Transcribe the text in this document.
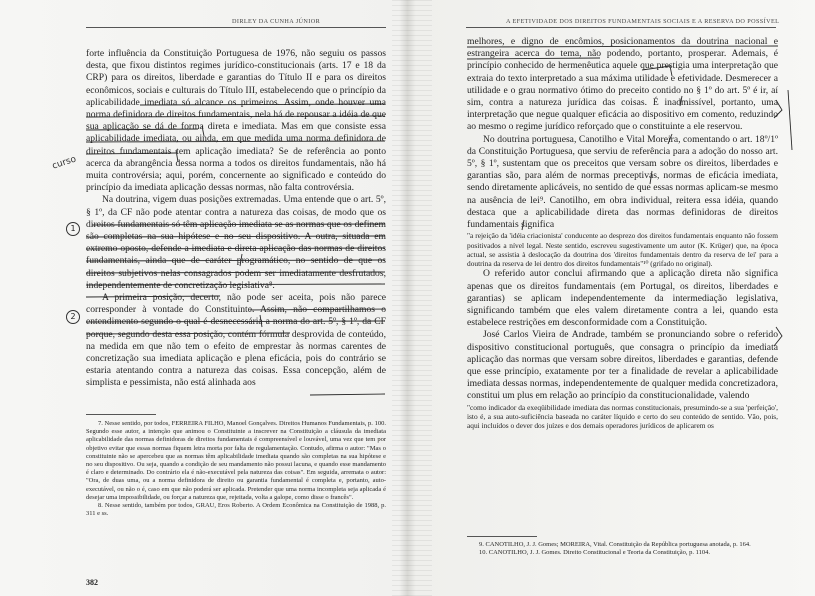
DIRLEY DA CUNHA JÚNIOR

forte influência da Constituição Portuguesa de 1976, não seguiu os passos desta, que fixou distintos regimes jurídico-constitucionais (arts. 17 e 18 da CRP) para os direitos, liberdade e garantias do Título II e para os direitos econômicos, sociais e culturais do Título III, estabelecendo que o princípio da aplicabilidade imediata só alcance os primeiros. Assim, onde houver uma norma definidora de direitos fundamentais, nela há de repousar a idéia de que sua aplicação se dá de forma direta e imediata. Mas em que consiste essa aplicabilidade imediata, ou ainda, em que medida uma norma definidora de direitos fundamentais tem aplicação imediata? Se de referência ao ponto acerca da abrangência dessa norma a todos os direitos fundamentais, não há muita controvérsia; aqui, porém, concernente ao significado e conteúdo do princípio da imediata aplicação dessas normas, não falta controvérsia.

Na doutrina, vigem duas posições extremadas. Uma entende que o art. 5º, § 1º, da CF não pode atentar contra a natureza das coisas, de modo que os direitos fundamentais só têm aplicação imediata se as normas que os definem são completas na sua hipótese e no seu dispositivo. A outra, situada em extremo oposto, defende a imediata e direta aplicação das normas de direitos fundamentais, ainda que de caráter programático, no sentido de que os direitos subjetivos nelas consagrados podem ser imediatamente desfrutados, independentemente de concretização legislativa⁸.

A primeira posição, decerto, não pode ser aceita, pois não parece corresponder à vontade do Constituinte. Assim, não compartilhamos o entendimento segundo o qual é desnecessária a norma do art. 5º, § 1º, da CF porque, segundo desta essa posição, contém fórmula desprovida de conteúdo, na medida em que não tem o efeito de emprestar às normas carentes de concretização sua imediata aplicação e plena eficácia, pois do contrário se estaria atentando contra a natureza das coisas. Essa concepção, além de simplista e pessimista, não está alinhada aos

7. Nesse sentido, por todos, FERREIRA FILHO, Manoel Gonçalves. Direitos Humanos Fundamentais, p. 100. Segundo esse autor, a intenção que animou o Constituinte a inscrever na Constituição a cláusula da imediata aplicabilidade das normas definidoras de direitos fundamentais é compreensível e louvável, uma vez que tem por objetivo evitar que essas normas fiquem letra morta por falta de regulamentação. Contudo, afirma o autor: "Mas o constituinte não se apercebeu que as normas têm aplicabilidade imediata quando são completas na sua hipótese e no seu dispositivo. Ou seja, quando a condição de seu mandamento não possui lacuna, e quando esse mandamento é claro e determinado. Do contrário ela é não-executável pela natureza das coisas". Em seguida, arremata o autor: "Ora, de duas uma, ou a norma definidora de direito ou garantia fundamental é completa e, portanto, auto-executável, ou não o é, caso em que não poderá ser aplicada. Pretender que uma norma incompleta seja aplicada é desejar uma impossibilidade, ou forçar a natureza que, rejeitada, volta a galope, como disse o francês".

8. Nesse sentido, também por todos, GRAU, Eros Roberto. A Ordem Econômica na Constituição de 1988, p. 311 e ss.

382
curso
1
2
A EFETIVIDADE DOS DIREITOS FUNDAMENTAIS SOCIAIS E A RESERVA DO POSSÍVEL

melhores, e digno de encômios, posicionamentos da doutrina nacional e estrangeira acerca do tema, não podendo, portanto, prosperar. Ademais, é princípio conhecido de hermenêutica aquele que prestigia uma interpretação que extraia do texto interpretado a sua máxima utilidade e efetividade. Desmerecer a utilidade e o grau normativo ótimo do preceito contido no § 1º do art. 5º é ir, aí sim, contra a natureza jurídica das coisas. É inadmissível, portanto, uma interpretação que negue qualquer eficácia ao dispositivo em comento, reduzindo ao mesmo o regime jurídico reforçado que o constituinte a ele reservou.

No doutrina portuguesa, Canotilho e Vital Moreira, comentando o art. 18º/1º da Constituição Portuguesa, que serviu de referência para a adoção do nosso art. 5º, § 1º, sustentam que os preceitos que versam sobre os direitos, liberdades e garantias são, para além de normas preceptivas, normas de eficácia imediata, sendo diretamente aplicáveis, no sentido de que essas normas aplicam-se mesmo na ausência de lei⁹. Canotilho, em obra individual, reitera essa idéia, quando destaca que a aplicabilidade direta das normas definidoras de direitos fundamentais significa

"a rejeição da 'idéia criacionista' conducente ao desprezo dos direitos fundamentais enquanto não fossem positivados a nível legal. Neste sentido, escreveu sugestivamente um autor (K. Krüger) que, na época actual, se assistia à deslocação da doutrina dos 'direitos fundamentais dentro da reserva de lei' para a doutrina da reserva de lei dentro dos direitos fundamentais"¹⁰ (grifado no original).

O referido autor conclui afirmando que a aplicação direta não significa apenas que os direitos fundamentais (em Portugal, os direitos, liberdades e garantias) se aplicam independentemente da intermediação legislativa, significando também que eles valem diretamente contra a lei, quando esta estabelece restrições em desconformidade com a Constituição.

José Carlos Vieira de Andrade, também se pronunciando sobre o referido dispositivo constitucional português, que consagra o princípio da imediata aplicação das normas que versam sobre direitos, liberdades e garantias, defende que esse princípio, exatamente por ter a finalidade de revelar a aplicabilidade imediata dessas normas, independentemente de qualquer medida concretizadora, constitui um plus em relação ao princípio da constitucionalidade, valendo

"como indicador da exeqüibilidade imediata das normas constitucionais, presumindo-se a sua 'perfeição', isto é, a sua auto-suficiência baseada no caráter líquido e certo do seu conteúdo de sentido. Vão, pois, aqui incluídos o dever dos juízes e dos demais operadores jurídicos de aplicarem os

9. CANOTILHO, J. J. Gomes; MOREIRA, Vital. Constituição da República portuguesa anotada, p. 164.

10. CANOTILHO, J. J. Gomes. Direito Constitucional e Teoria da Constituição, p. 1104.
